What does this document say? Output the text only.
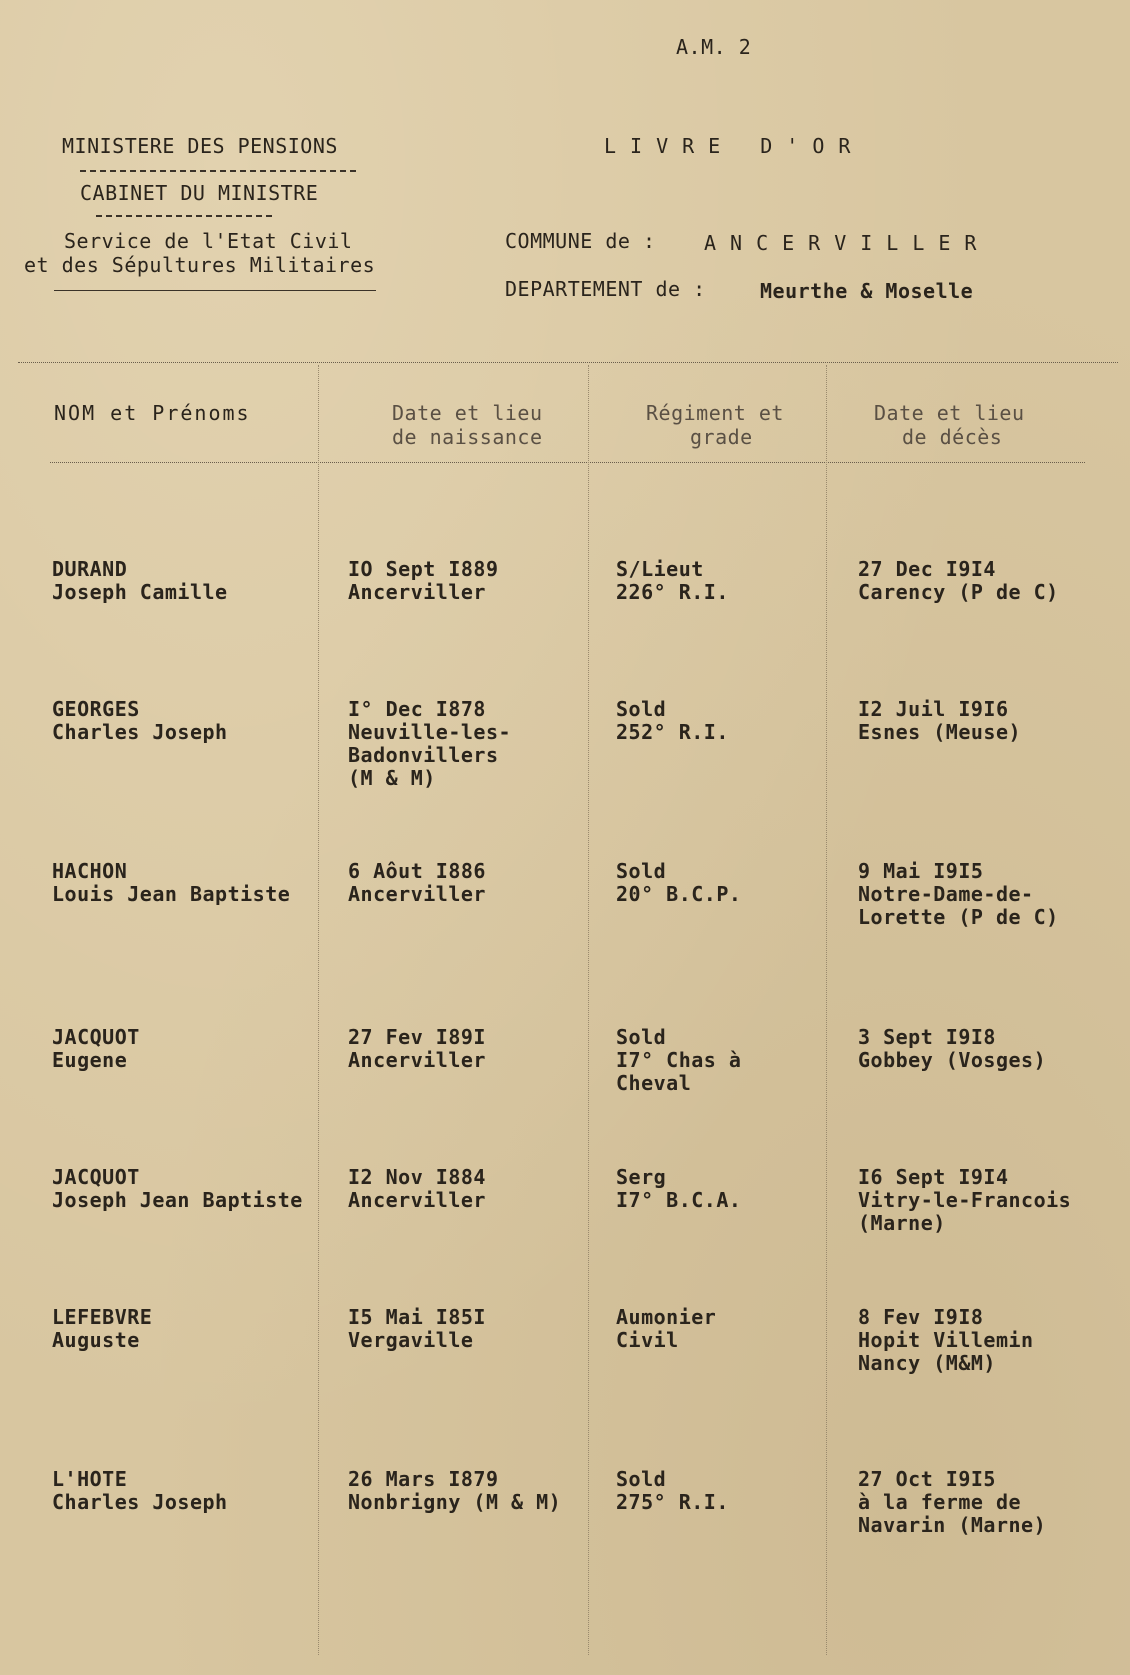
A.M. 2
MINISTERE DES PENSIONS
CABINET DU MINISTRE
Service de l'Etat Civil
et des Sépultures Militaires
LIVRE D'OR
COMMUNE de : ANCERVILLER
DEPARTEMENT de :	Meurthe & Moselle
NOM et Prénoms	Date et lieu
de naissance
Régiment et
grade
Date et lieu
de décès
DURAND
Joseph Camille
IO Sept I889
Ancerviller
S/Lieut
226° R.I.
27 Dec I9I4
Carency (P de C)
GEORGES
Charles Joseph
I° Dec I878
Neuville-les-
Badonvillers
(M & M)
Sold
252° R.I.
I2 Juil I9I6
Esnes (Meuse)
HACHON
Louis Jean Baptiste
6 Aôut I886
Ancerviller
Sold
20° B.C.P.
9 Mai I9I5
Notre-Dame-de-
Lorette (P de C)
JACQUOT
Eugene
27 Fev I89I
Ancerviller
Sold
I7° Chas à
Cheval
3 Sept I9I8
Gobbey (Vosges)
JACQUOT
Joseph Jean Baptiste
I2 Nov I884
Ancerviller
Serg
I7° B.C.A.
I6 Sept I9I4
Vitry-le-Francois
(Marne)
LEFEBVRE
Auguste
I5 Mai I85I
Vergaville
Aumonier
Civil
8 Fev I9I8
Hopit Villemin
Nancy (M&M)
L'HOTE
Charles Joseph
26 Mars I879
Nonbrigny (M & M)
Sold
275° R.I.
27 Oct I9I5
à la ferme de
Navarin (Marne)
